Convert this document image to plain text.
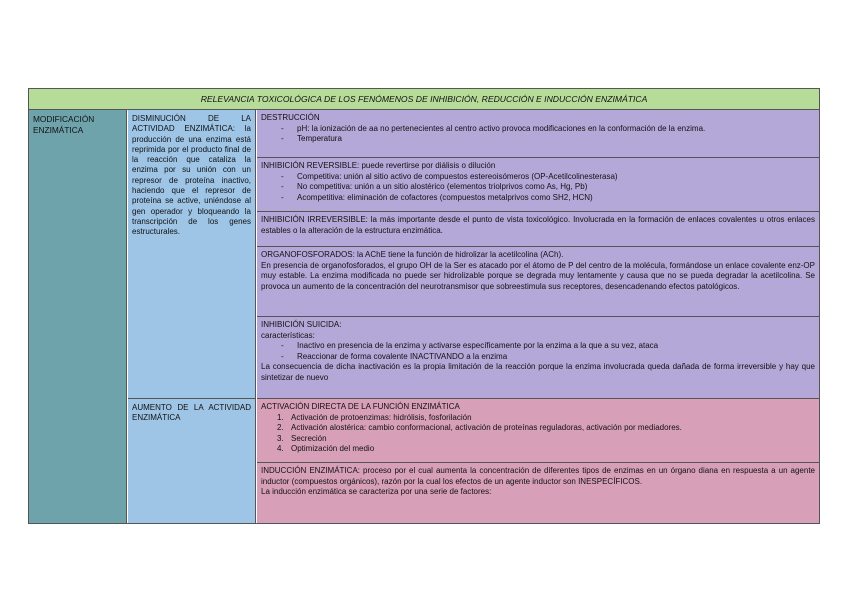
RELEVANCIA TOXICOLÓGICA DE LOS FENÓMENOS DE INHIBICIÓN, REDUCCIÓN E INDUCCIÓN ENZIMÁTICA
MODIFICACIÓN ENZIMÁTICA
DISMINUCIÓN DE LA ACTIVIDAD ENZIMÁTICA: la producción de una enzima está reprimida por el producto final de la reacción que cataliza la enzima por su unión con un represor de proteína inactivo, haciendo que el represor de proteína se active, uniéndose al gen operador y bloqueando la transcripción de los genes estructurales.
AUMENTO DE LA ACTIVIDAD ENZIMÁTICA
DESTRUCCIÓN
- pH: la ionización de aa no pertenecientes al centro activo provoca modificaciones en la conformación de la enzima.
- Temperatura
INHIBICIÓN REVERSIBLE: puede revertirse por diálisis o dilución
- Competitiva: unión al sitio activo de compuestos estereoisómeros (OP-Acetilcolinesterasa)
- No competitiva: unión a un sitio alostérico (elementos triolprivos como As, Hg, Pb)
- Acompetitiva: eliminación de cofactores (compuestos metalprivos como SH2, HCN)
INHIBICIÓN IRREVERSIBLE: la más importante desde el punto de vista toxicológico. Involucrada en la formación de enlaces covalentes u otros enlaces estables o la alteración de la estructura enzimática.
ORGANOFOSFORADOS: la AChE tiene la función de hidrolizar la acetilcolina (ACh).
En presencia de organofosforados, el grupo OH de la Ser es atacado por el átomo de P del centro de la molécula, formándose un enlace covalente enz-OP muy estable. La enzima modificada no puede ser hidrolizable porque se degrada muy lentamente y causa que no se pueda degradar la acetilcolina. Se provoca un aumento de la concentración del neurotransmisor que sobreestimula sus receptores, desencadenando efectos patológicos.
INHIBICIÓN SUICIDA:
características:
- Inactivo en presencia de la enzima y activarse específicamente por la enzima a la que a su vez, ataca
- Reaccionar de forma covalente INACTIVANDO a la enzima
La consecuencia de dicha inactivación es la propia limitación de la reacción porque la enzima involucrada queda dañada de forma irreversible y hay que sintetizar de nuevo
ACTIVACIÓN DIRECTA DE LA FUNCIÓN ENZIMÁTICA
1. Activación de protoenzimas: hidrólisis, fosforilación
2. Activación alostérica: cambio conformacional, activación de proteínas reguladoras, activación por mediadores.
3. Secreción
4. Optimización del medio
INDUCCIÓN ENZIMÁTICA: proceso por el cual aumenta la concentración de diferentes tipos de enzimas en un órgano diana en respuesta a un agente inductor (compuestos orgánicos), razón por la cual los efectos de un agente inductor son INESPECÍFICOS.
La inducción enzimática se caracteriza por una serie de factores:
